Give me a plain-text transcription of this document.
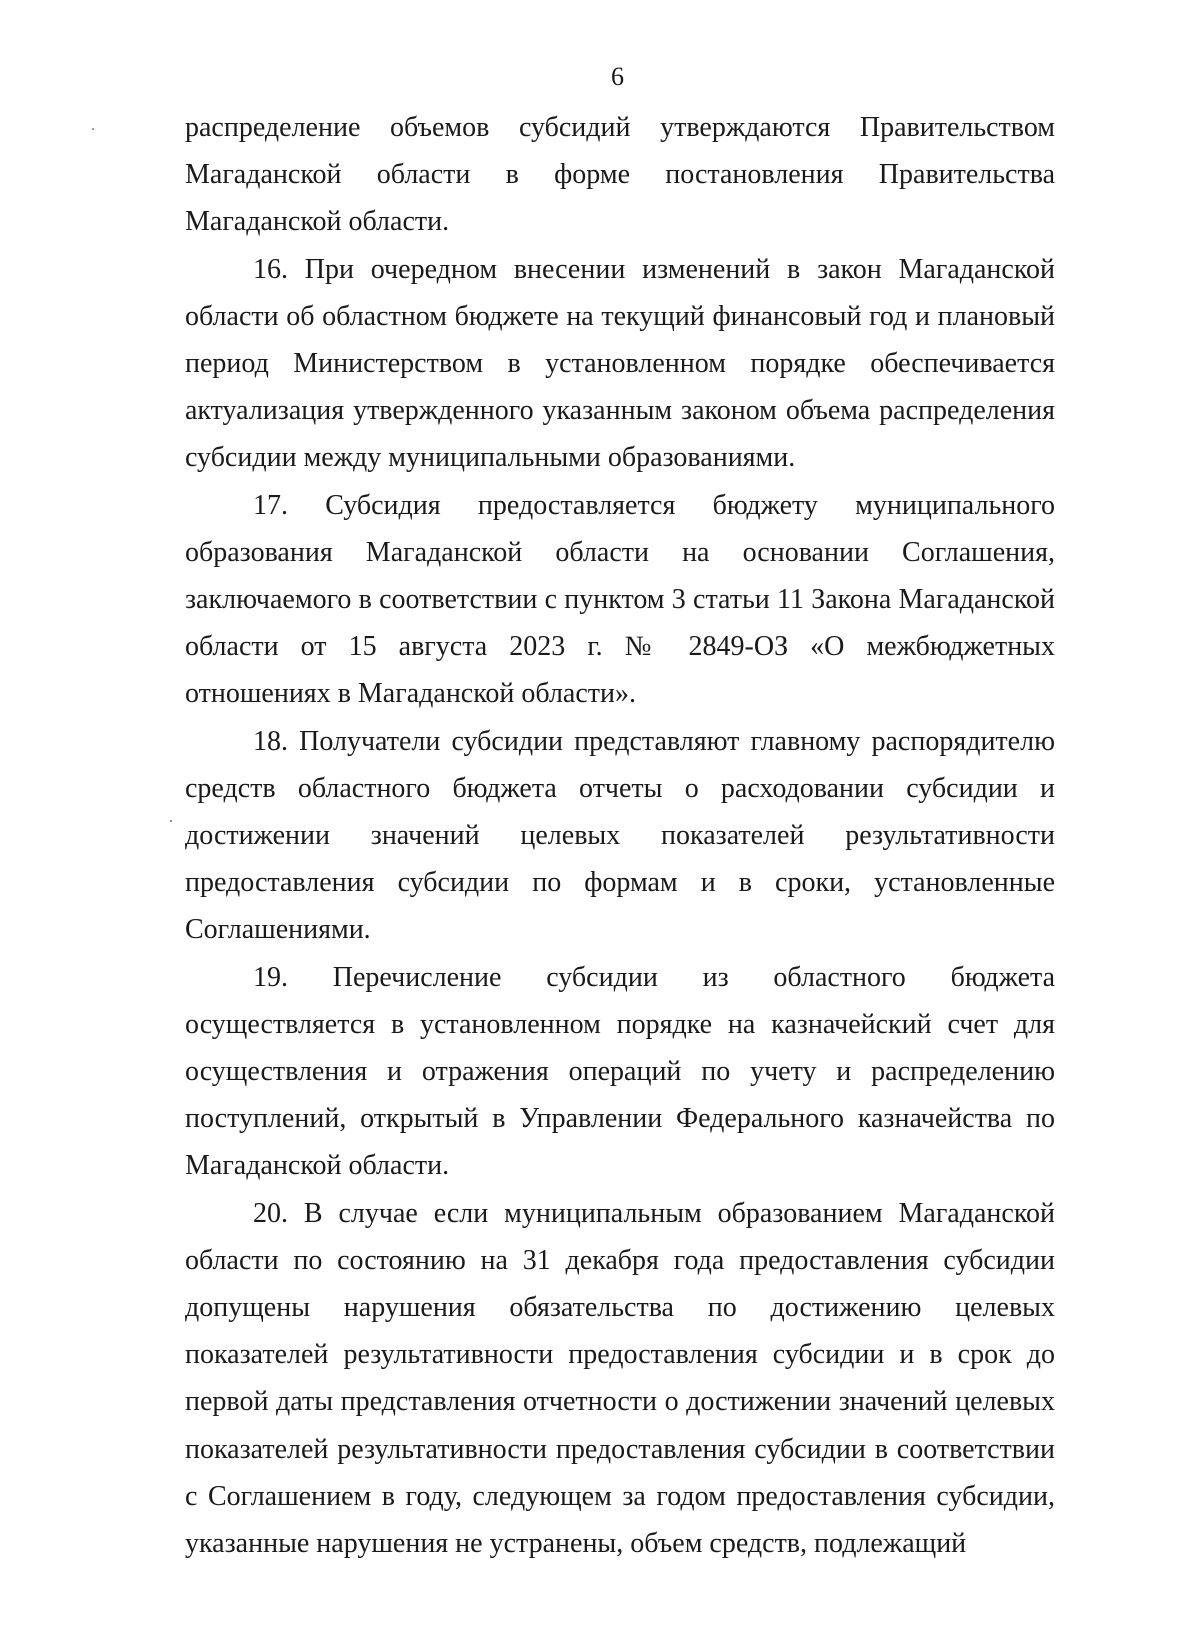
6

распределение объемов субсидий утверждаются Правительством Магаданской области в форме постановления Правительства Магаданской области.

16. При очередном внесении изменений в закон Магаданской области об областном бюджете на текущий финансовый год и плановый период Министерством в установленном порядке обеспечивается актуализация утвержденного указанным законом объема распределения субсидии между муниципальными образованиями.

17. Субсидия предоставляется бюджету муниципального образования Магаданской области на основании Соглашения, заключаемого в соответствии с пунктом 3 статьи 11 Закона Магаданской области от 15 августа 2023 г. № 2849-ОЗ «О межбюджетных отношениях в Магаданской области».

18. Получатели субсидии представляют главному распорядителю средств областного бюджета отчеты о расходовании субсидии и достижении значений целевых показателей результативности предоставления субсидии по формам и в сроки, установленные Соглашениями.

19. Перечисление субсидии из областного бюджета осуществляется в установленном порядке на казначейский счет для осуществления и отражения операций по учету и распределению поступлений, открытый в Управлении Федерального казначейства по Магаданской области.

20. В случае если муниципальным образованием Магаданской области по состоянию на 31 декабря года предоставления субсидии допущены нарушения обязательства по достижению целевых показателей результативности предоставления субсидии и в срок до первой даты представления отчетности о достижении значений целевых показателей результативности предоставления субсидии в соответствии с Соглашением в году, следующем за годом предоставления субсидии, указанные нарушения не устранены, объем средств, подлежащий
